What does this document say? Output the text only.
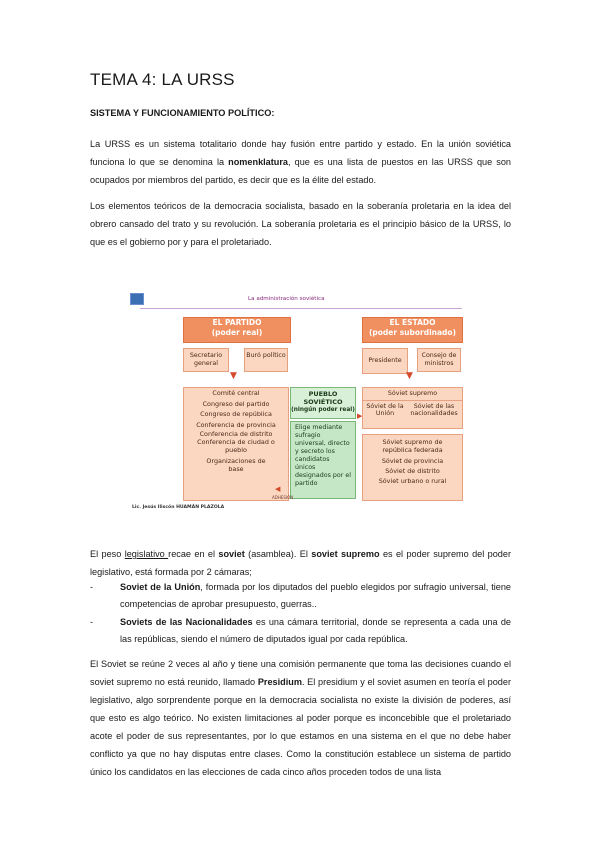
TEMA 4: LA URSS
SISTEMA Y FUNCIONAMIENTO POLÍTICO:
La URSS es un sistema totalitario donde hay fusión entre partido y estado. En la unión soviética funciona lo que se denomina la nomenklatura, que es una lista de puestos en las URSS que son ocupados por miembros del partido, es decir que es la élite del estado.
Los elementos teóricos de la democracia socialista, basado en la soberanía proletaria en la idea del obrero cansado del trato y su revolución. La soberanía proletaria es el principio básico de la URSS, lo que es el gobierno por y para el proletariado.
La administración soviética
EL PARTIDO
(poder real)
Secretario general
Buró político
▼
Comité central
Congreso del partido
Congreso de república
Conferencia de provincia
Conferencia de distrito
Conferencia de ciudad o pueblo
Organizaciones de base
PUEBLO SOVIÉTICO
(ningún poder real)
Elige mediante sufragio universal, directo y secreto los candidatos únicos designados por el partido
◀
ADHESIÓN
▶
EL ESTADO
(poder subordinado)
Presidente
Consejo de ministros
▼
Sóviet supremo
Sóviet de la Unión
Sóviet de las nacionalidades
Sóviet supremo de república federada
Sóviet de provincia
Sóviet de distrito
Sóviet urbano o rural
Lic. Jesús Iliscón HUAMÁN PLAZOLA
El peso legislativo recae en el soviet (asamblea). El soviet supremo es el poder supremo del poder legislativo, está formada por 2 cámaras;
-	Soviet de la Unión, formada por los diputados del pueblo elegidos por sufragio universal, tiene competencias de aprobar presupuesto, guerras..
-	Soviets de las Nacionalidades es una cámara territorial, donde se representa a cada una de las repúblicas, siendo el número de diputados igual por cada república.
El Soviet se reúne 2 veces al año y tiene una comisión permanente que toma las decisiones cuando el soviet supremo no está reunido, llamado Presidium. El presidium y el soviet asumen en teoría el poder legislativo, algo sorprendente porque en la democracia socialista no existe la división de poderes, así que esto es algo teórico. No existen limitaciones al poder porque es inconcebible que el proletariado acote el poder de sus representantes, por lo que estamos en una sistema en el que no debe haber conflicto ya que no hay disputas entre clases. Como la constitución establece un sistema de partido único los candidatos en las elecciones de cada cinco años proceden todos de una lista
